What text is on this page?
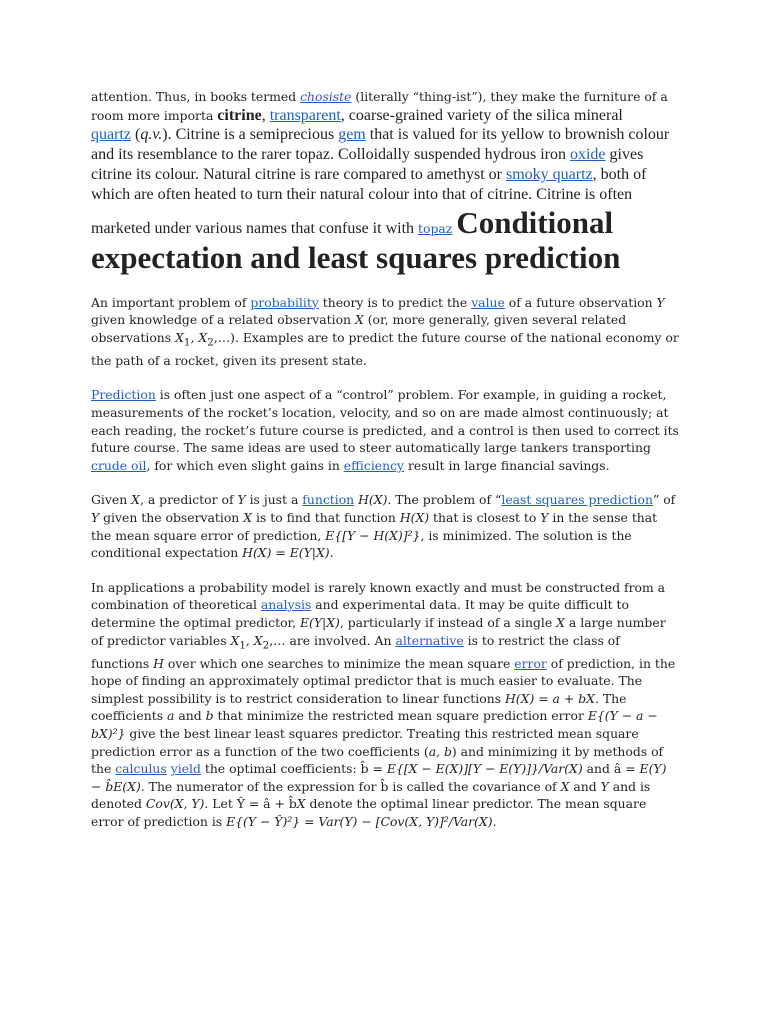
attention. Thus, in books termed chosiste (literally “thing-ist”), they make the furniture of a room more importa citrine, transparent, coarse-grained variety of the silica mineral

quartz (q.v.). Citrine is a semiprecious gem that is valued for its yellow to brownish colour and its resemblance to the rarer topaz. Colloidally suspended hydrous iron oxide gives citrine its colour. Natural citrine is rare compared to amethyst or smoky quartz, both of which are often heated to turn their natural colour into that of citrine. Citrine is often marketed under various names that confuse it with topaz Conditional expectation and least squares prediction

An important problem of probability theory is to predict the value of a future observation Y given knowledge of a related observation X (or, more generally, given several related observations $X_1$, $X_2,\dots$). Examples are to predict the future course of the national economy or the path of a rocket, given its present state.

Prediction is often just one aspect of a “control” problem. For example, in guiding a rocket, measurements of the rocket’s location, velocity, and so on are made almost continuously; at each reading, the rocket’s future course is predicted, and a control is then used to correct its future course. The same ideas are used to steer automatically large tankers transporting crude oil, for which even slight gains in efficiency result in large financial savings.

Given X, a predictor of Y is just a function H(X). The problem of “least squares prediction” of Y given the observation X is to find that function H(X) that is closest to Y in the sense that the mean square error of prediction, E{[Y − H(X)]²}, is minimized. The solution is the conditional expectation H(X) = E(Y|X).

In applications a probability model is rarely known exactly and must be constructed from a combination of theoretical analysis and experimental data. It may be quite difficult to determine the optimal predictor, E(Y|X), particularly if instead of a single X a large number of predictor variables $X_1$, $X_2,\dots$ are involved. An alternative is to restrict the class of functions H over which one searches to minimize the mean square error of prediction, in the hope of finding an approximately optimal predictor that is much easier to evaluate. The simplest possibility is to restrict consideration to linear functions H(X) = a + bX. The coefficients a and b that minimize the restricted mean square prediction error E{(Y − a − bX)²} give the best linear least squares predictor. Treating this restricted mean square prediction error as a function of the two coefficients (a, b) and minimizing it by methods of the calculus yield the optimal coefficients: b̂ = E{[X − E(X)][Y − E(Y)]}/Var(X) and â = E(Y) − b̂E(X). The numerator of the expression for b̂ is called the covariance of X and Y and is denoted Cov(X, Y). Let Ŷ = â + b̂X denote the optimal linear predictor. The mean square error of prediction is E{(Y − Ŷ)²} = Var(Y) − [Cov(X, Y)]²/Var(X).
